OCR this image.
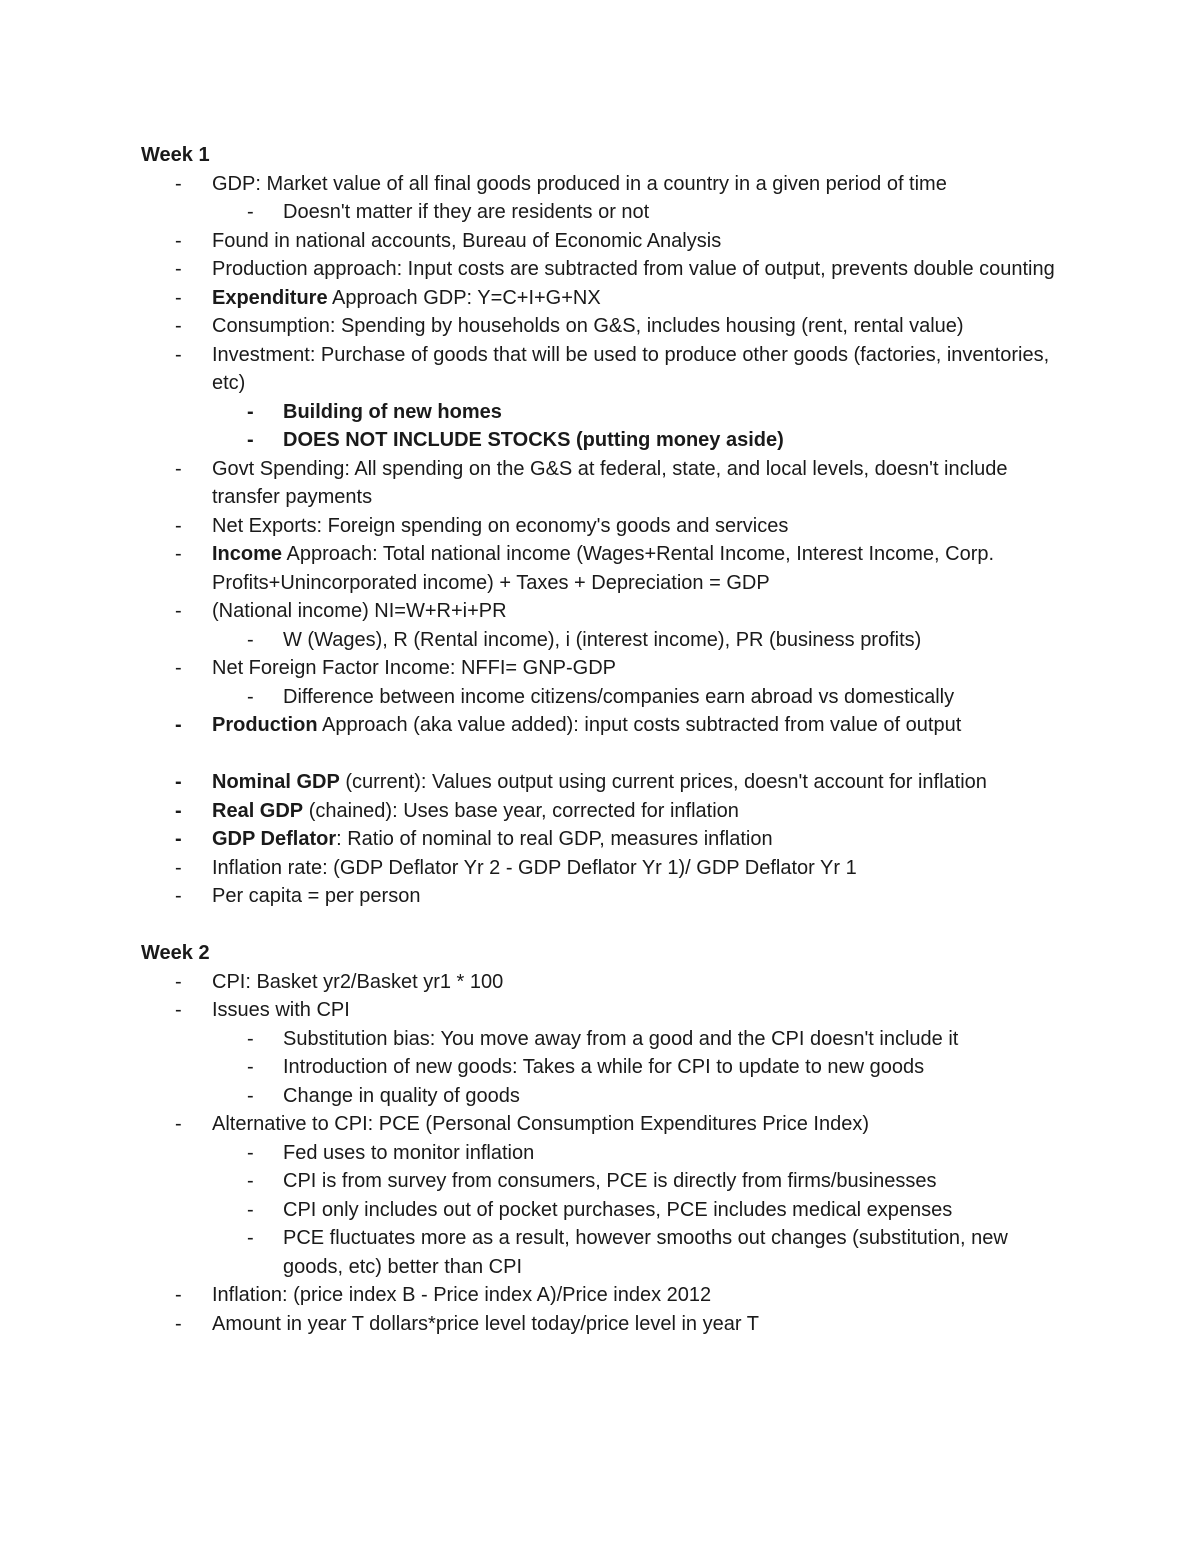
Week 1
- GDP: Market value of all final goods produced in a country in a given period of time
- Doesn't matter if they are residents or not
- Found in national accounts, Bureau of Economic Analysis
- Production approach: Input costs are subtracted from value of output, prevents double counting
- Expenditure Approach GDP: Y=C+I+G+NX
- Consumption: Spending by households on G&S, includes housing (rent, rental value)
- Investment: Purchase of goods that will be used to produce other goods (factories, inventories, etc)
- Building of new homes
- DOES NOT INCLUDE STOCKS (putting money aside)
- Govt Spending: All spending on the G&S at federal, state, and local levels, doesn't include transfer payments
- Net Exports: Foreign spending on economy's goods and services
- Income Approach: Total national income (Wages+Rental Income, Interest Income, Corp. Profits+Unincorporated income) + Taxes + Depreciation = GDP
- (National income) NI=W+R+i+PR
- W (Wages), R (Rental income), i (interest income), PR (business profits)
- Net Foreign Factor Income: NFFI= GNP-GDP
- Difference between income citizens/companies earn abroad vs domestically
- Production Approach (aka value added): input costs subtracted from value of output
- Nominal GDP (current): Values output using current prices, doesn't account for inflation
- Real GDP (chained): Uses base year, corrected for inflation
- GDP Deflator: Ratio of nominal to real GDP, measures inflation
- Inflation rate: (GDP Deflator Yr 2 - GDP Deflator Yr 1)/ GDP Deflator Yr 1
- Per capita = per person
Week 2
- CPI: Basket yr2/Basket yr1 * 100
- Issues with CPI
- Substitution bias: You move away from a good and the CPI doesn't include it
- Introduction of new goods: Takes a while for CPI to update to new goods
- Change in quality of goods
- Alternative to CPI: PCE (Personal Consumption Expenditures Price Index)
- Fed uses to monitor inflation
- CPI is from survey from consumers, PCE is directly from firms/businesses
- CPI only includes out of pocket purchases, PCE includes medical expenses
- PCE fluctuates more as a result, however smooths out changes (substitution, new goods, etc) better than CPI
- Inflation: (price index B - Price index A)/Price index 2012
- Amount in year T dollars*price level today/price level in year T
